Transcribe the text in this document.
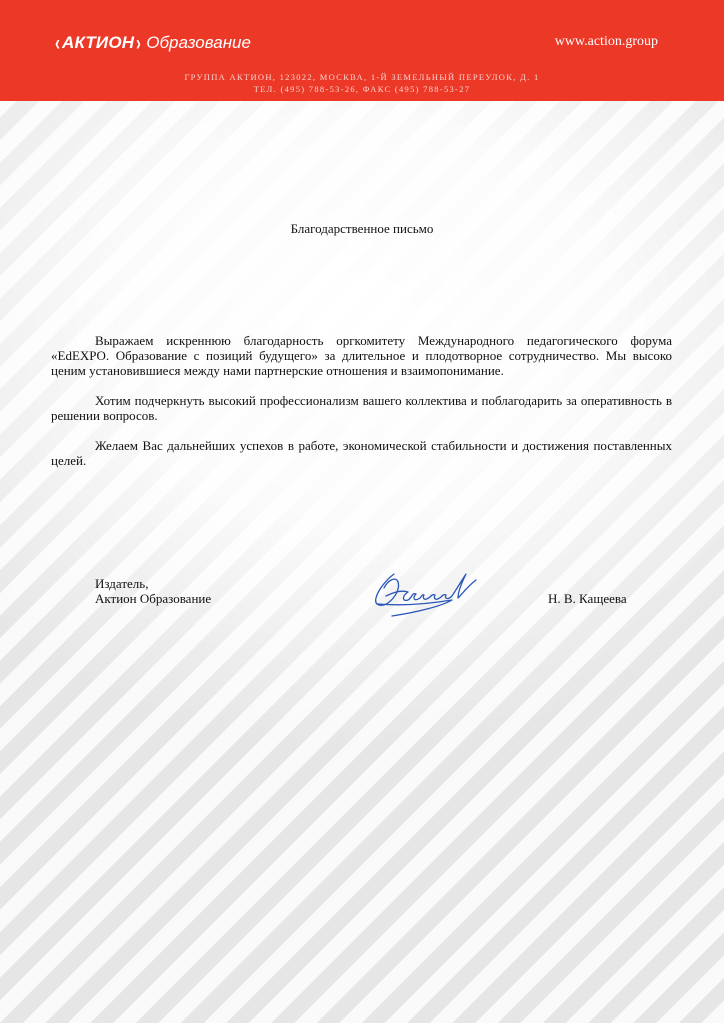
‹ АКТИОН › Образование	www.action.group
ГРУППА АКТИОН, 123022, МОСКВА, 1-Й ЗЕМЕЛЬНЫЙ ПЕРЕУЛОК, Д. 1
ТЕЛ. (495) 788-53-26, ФАКС (495) 788-53-27
Благодарственное письмо

Выражаем искреннюю благодарность оргкомитету Международного педагогического форума «EdEXPO. Образование с позиций будущего» за длительное и плодотворное сотрудничество. Мы высоко ценим установившиеся между нами партнерские отношения и взаимопонимание.

Хотим подчеркнуть высокий профессионализм вашего коллектива и поблагодарить за оперативность в решении вопросов.

Желаем Вас дальнейших успехов в работе, экономической стабильности и достижения поставленных целей.

Издатель,
Актион Образование	Н. В. Кащеева
